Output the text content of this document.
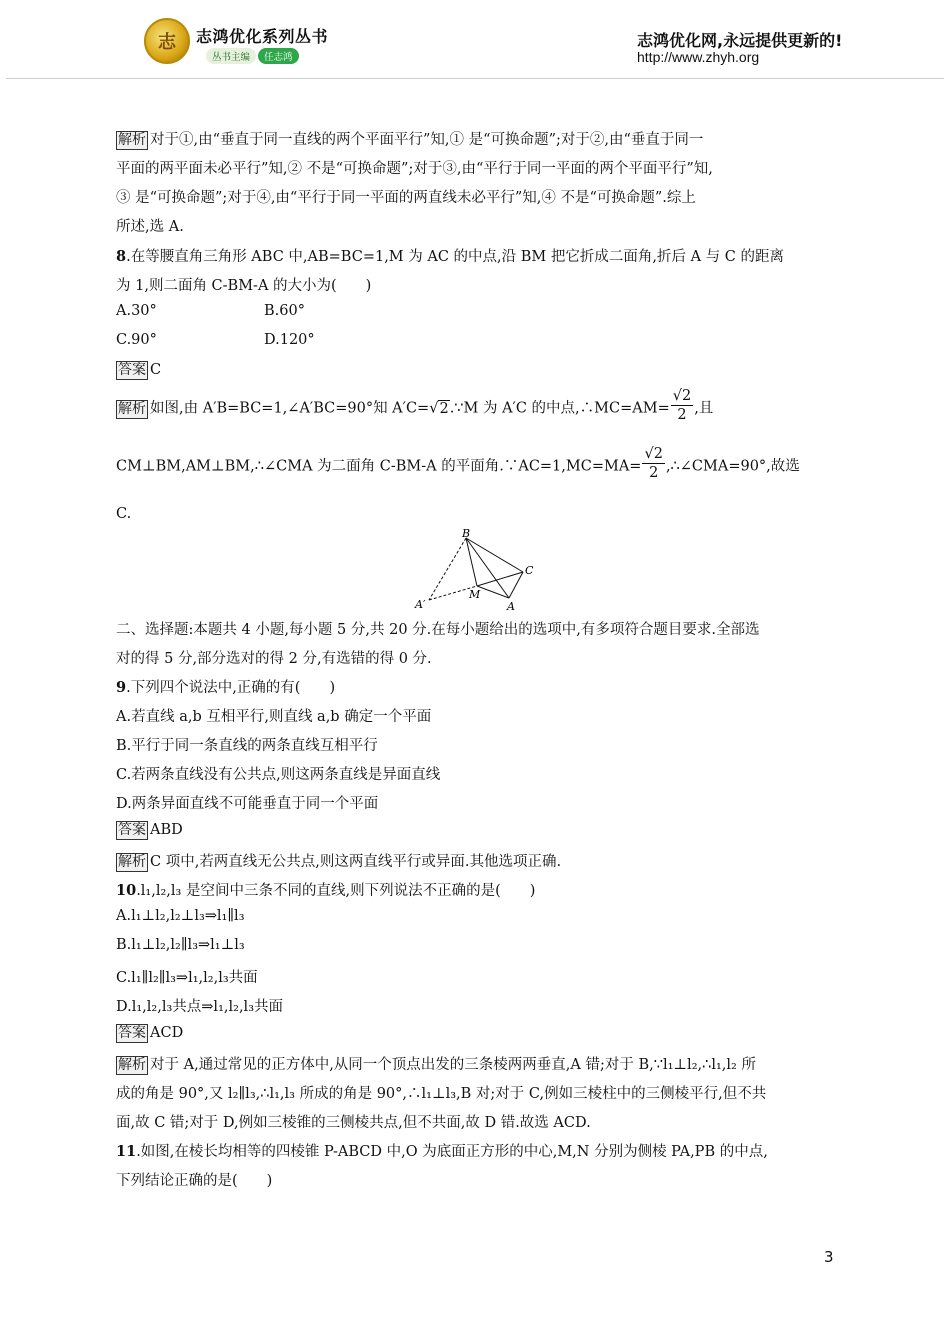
志 志鸿优化系列丛书
丛书主编	任志鸿
志鸿优化网,永远提供更新的!
http://www.zhyh.org
解析 对于①,由“垂直于同一直线的两个平面平行”知,① 是“可换命题”;对于②,由“垂直于同一
平面的两平面未必平行”知,② 不是“可换命题”;对于③,由“平行于同一平面的两个平面平行”知,
③ 是“可换命题”;对于④,由“平行于同一平面的两直线未必平行”知,④ 不是“可换命题”.综上
所述,选 A.
8.在等腰直角三角形 ABC 中,AB=BC=1,M 为 AC 的中点,沿 BM 把它折成二面角,折后 A 与 C 的距离
为 1,则二面角 C-BM-A 的大小为(　　)
A.30°	B.60°
C.90°	D.120°
答案 C
解析 如图,由 A′B=BC=1,∠A′BC=90°知 A′C=√2.∵M 为 A′C 的中点,∴MC=AM= $\frac{√2}{2}$ ,且
CM⊥BM,AM⊥BM,∴∠CMA 为二面角 C-BM-A 的平面角.∵AC=1,MC=MA= $\frac{√2}{2}$ ,∴∠CMA=90°,故选
C.
B
C
A
A′
M
二、选择题:本题共 4 小题,每小题 5 分,共 20 分.在每小题给出的选项中,有多项符合题目要求.全部选
对的得 5 分,部分选对的得 2 分,有选错的得 0 分.
9.下列四个说法中,正确的有(　　)
A.若直线 a,b 互相平行,则直线 a,b 确定一个平面
B.平行于同一条直线的两条直线互相平行
C.若两条直线没有公共点,则这两条直线是异面直线
D.两条异面直线不可能垂直于同一个平面
答案 ABD
解析 C 项中,若两直线无公共点,则这两直线平行或异面.其他选项正确.
10.l₁,l₂,l₃ 是空间中三条不同的直线,则下列说法不正确的是(　　)
A.l₁⊥l₂,l₂⊥l₃⇒l₁∥l₃
B.l₁⊥l₂,l₂∥l₃⇒l₁⊥l₃
C.l₁∥l₂∥l₃⇒l₁,l₂,l₃共面
D.l₁,l₂,l₃共点⇒l₁,l₂,l₃共面
答案 ACD
解析 对于 A,通过常见的正方体中,从同一个顶点出发的三条棱两两垂直,A 错;对于 B,∵l₁⊥l₂,∴l₁,l₂ 所
成的角是 90°,又 l₂∥l₃,∴l₁,l₃ 所成的角是 90°,∴l₁⊥l₃,B 对;对于 C,例如三棱柱中的三侧棱平行,但不共
面,故 C 错;对于 D,例如三棱锥的三侧棱共点,但不共面,故 D 错.故选 ACD.
11.如图,在棱长均相等的四棱锥 P-ABCD 中,O 为底面正方形的中心,M,N 分别为侧棱 PA,PB 的中点,
下列结论正确的是(　　)
3
